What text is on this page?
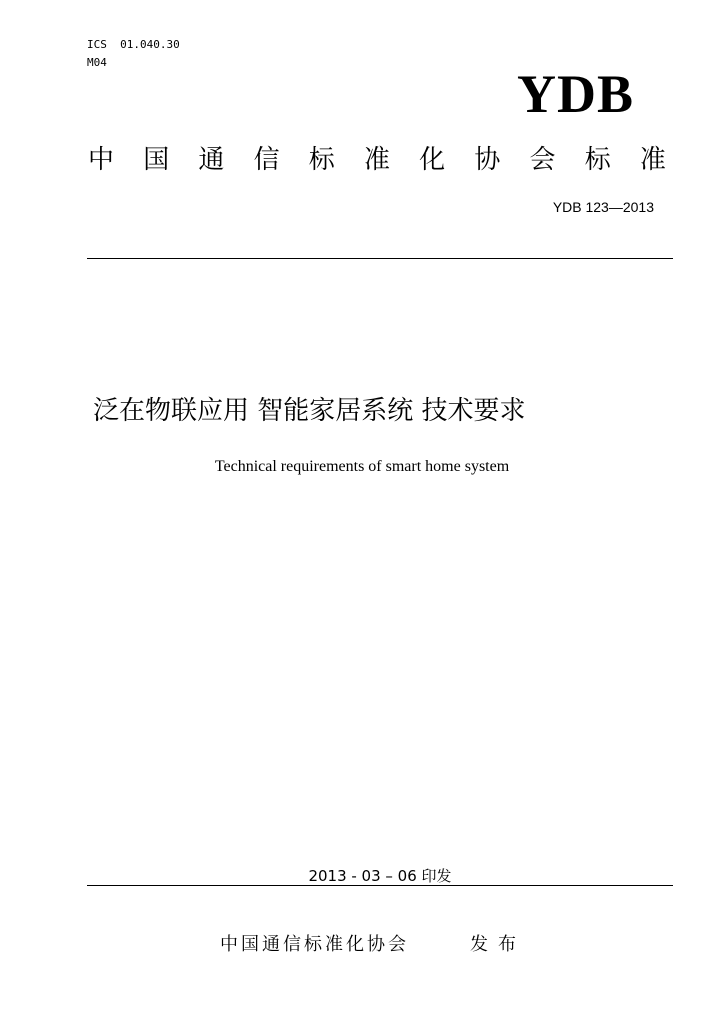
ICS  01.040.30
M04
YDB
中 国 通 信 标 准 化 协 会 标 准
YDB 123—2013
泛在物联应用 智能家居系统 技术要求
Technical requirements of smart home system
2013 - 03 – 06 印发
中国通信标准化协会	发布
